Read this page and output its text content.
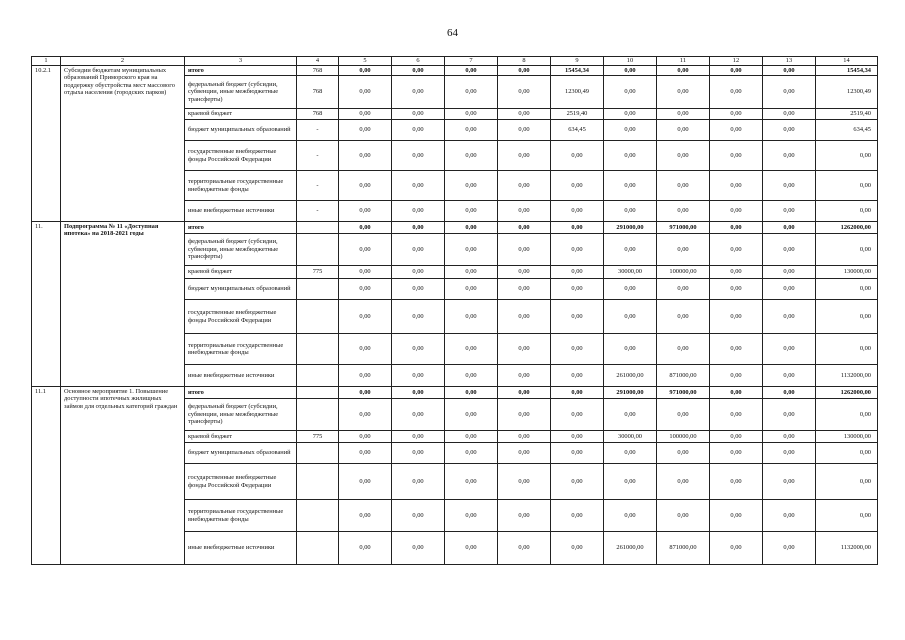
64
1	2	3	4	5	6	7	8	9	10	11	12	13	14
10.2.1	Субсидии бюджетам муниципальных образований Приморского края на поддержку обустройства мест массового отдыха населения (городских парков)	итого	768	0,00	0,00	0,00	0,00	15454,34	0,00	0,00	0,00	0,00	15454,34
		федеральный бюджет (субсидии, субвенции, иные межбюджетные трансферты)	768	0,00	0,00	0,00	0,00	12300,49	0,00	0,00	0,00	0,00	12300,49
		краевой бюджет	768	0,00	0,00	0,00	0,00	2519,40	0,00	0,00	0,00	0,00	2519,40
		бюджет муниципальных образований	-	0,00	0,00	0,00	0,00	634,45	0,00	0,00	0,00	0,00	634,45
		государственные внебюджетные фонды Российской Федерации	-	0,00	0,00	0,00	0,00	0,00	0,00	0,00	0,00	0,00	0,00
		территориальные государственные внебюджетные фонды	-	0,00	0,00	0,00	0,00	0,00	0,00	0,00	0,00	0,00	0,00
		иные внебюджетные источники	-	0,00	0,00	0,00	0,00	0,00	0,00	0,00	0,00	0,00	0,00
11.	Подпрограмма № 11 «Доступная ипотека» на 2018-2021 годы	итого		0,00	0,00	0,00	0,00	0,00	291000,00	971000,00	0,00	0,00	1262000,00
		федеральный бюджет (субсидии, субвенции, иные межбюджетные трансферты)		0,00	0,00	0,00	0,00	0,00	0,00	0,00	0,00	0,00	0,00
		краевой бюджет	775	0,00	0,00	0,00	0,00	0,00	30000,00	100000,00	0,00	0,00	130000,00
		бюджет муниципальных образований		0,00	0,00	0,00	0,00	0,00	0,00	0,00	0,00	0,00	0,00
		государственные внебюджетные фонды Российской Федерации		0,00	0,00	0,00	0,00	0,00	0,00	0,00	0,00	0,00	0,00
		территориальные государственные внебюджетные фонды		0,00	0,00	0,00	0,00	0,00	0,00	0,00	0,00	0,00	0,00
		иные внебюджетные источники		0,00	0,00	0,00	0,00	0,00	261000,00	871000,00	0,00	0,00	1132000,00
11.1	Основное мероприятие 1. Повышение доступности ипотечных жилищных займов для отдельных категорий граждан	итого		0,00	0,00	0,00	0,00	0,00	291000,00	971000,00	0,00	0,00	1262000,00
		федеральный бюджет (субсидии, субвенции, иные межбюджетные трансферты)		0,00	0,00	0,00	0,00	0,00	0,00	0,00	0,00	0,00	0,00
		краевой бюджет	775	0,00	0,00	0,00	0,00	0,00	30000,00	100000,00	0,00	0,00	130000,00
		бюджет муниципальных образований		0,00	0,00	0,00	0,00	0,00	0,00	0,00	0,00	0,00	0,00
		государственные внебюджетные фонды Российской Федерации		0,00	0,00	0,00	0,00	0,00	0,00	0,00	0,00	0,00	0,00
		территориальные государственные внебюджетные фонды		0,00	0,00	0,00	0,00	0,00	0,00	0,00	0,00	0,00	0,00
		иные внебюджетные источники		0,00	0,00	0,00	0,00	0,00	261000,00	871000,00	0,00	0,00	1132000,00
